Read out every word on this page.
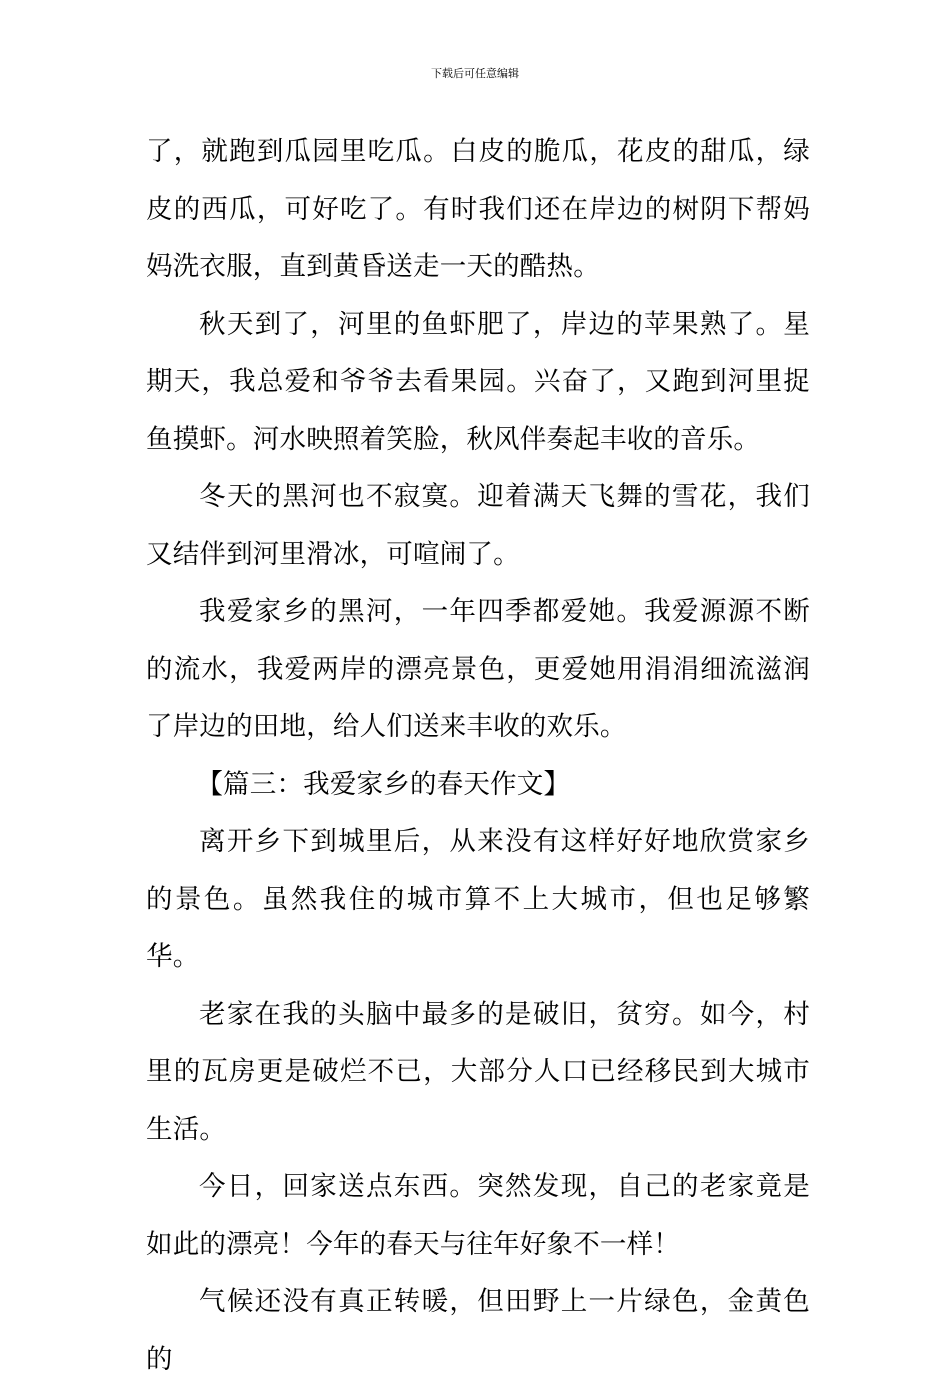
下载后可任意编辑

了，就跑到瓜园里吃瓜。白皮的脆瓜，花皮的甜瓜，绿皮的西瓜，可好吃了。有时我们还在岸边的树阴下帮妈妈洗衣服，直到黄昏送走一天的酷热。

秋天到了，河里的鱼虾肥了，岸边的苹果熟了。星期天，我总爱和爷爷去看果园。兴奋了，又跑到河里捉鱼摸虾。河水映照着笑脸，秋风伴奏起丰收的音乐。

冬天的黑河也不寂寞。迎着满天飞舞的雪花，我们又结伴到河里滑冰，可喧闹了。

我爱家乡的黑河，一年四季都爱她。我爱源源不断的流水，我爱两岸的漂亮景色，更爱她用涓涓细流滋润了岸边的田地，给人们送来丰收的欢乐。

【篇三：我爱家乡的春天作文】

离开乡下到城里后，从来没有这样好好地欣赏家乡的景色。虽然我住的城市算不上大城市，但也足够繁华。

老家在我的头脑中最多的是破旧，贫穷。如今，村里的瓦房更是破烂不已，大部分人口已经移民到大城市生活。

今日，回家送点东西。突然发现，自己的老家竟是如此的漂亮！今年的春天与往年好象不一样！

气候还没有真正转暖，但田野上一片绿色，金黄色的
